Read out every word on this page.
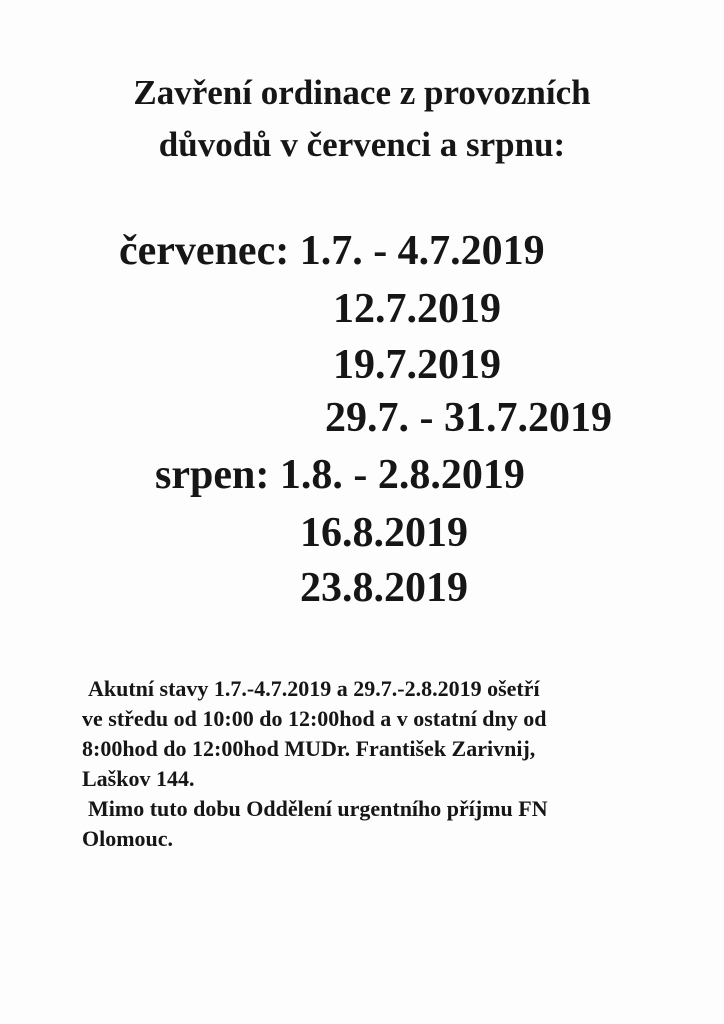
Zavření ordinace z provozních
důvodů v červenci a srpnu:
červenec: 1.7. - 4.7.2019
12.7.2019
19.7.2019
29.7. - 31.7.2019
srpen: 1.8. - 2.8.2019
16.8.2019
23.8.2019

Akutní stavy 1.7.-4.7.2019 a 29.7.-2.8.2019 ošetří

ve středu od 10:00 do 12:00hod a v ostatní dny od

8:00hod do 12:00hod MUDr. František Zarivnij,

Laškov 144.

Mimo tuto dobu Oddělení urgentního příjmu FN

Olomouc.
